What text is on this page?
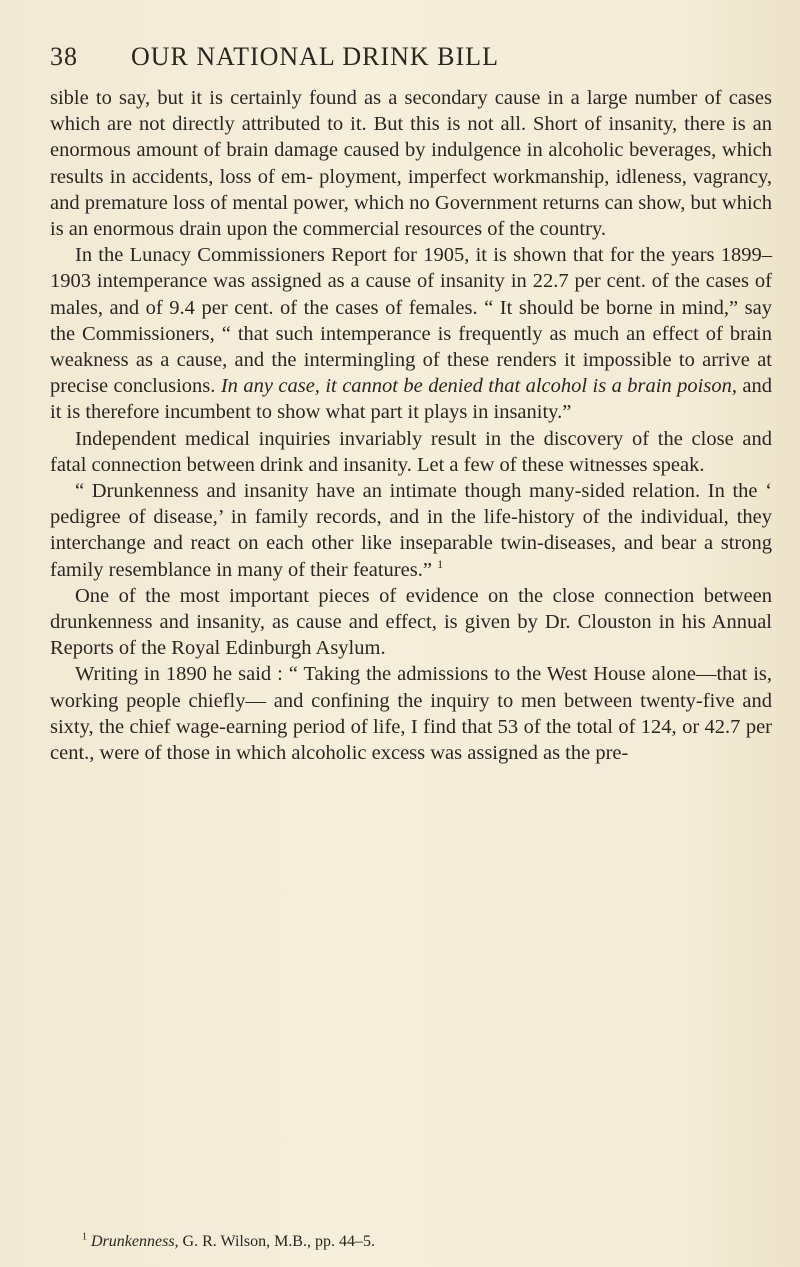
38 OUR NATIONAL DRINK BILL

sible to say, but it is certainly found as a secondary cause in a large number of cases which are not directly attributed to it. But this is not all. Short of insanity, there is an enormous amount of brain damage caused by indulgence in alcoholic beverages, which results in accidents, loss of em- ployment, imperfect workmanship, idleness, vagrancy, and premature loss of mental power, which no Government returns can show, but which is an enormous drain upon the commercial resources of the country.

In the Lunacy Commissioners Report for 1905, it is shown that for the years 1899–1903 intemperance was assigned as a cause of insanity in 22.7 per cent. of the cases of males, and of 9.4 per cent. of the cases of females. “ It should be borne in mind,” say the Commissioners, “ that such intemperance is frequently as much an effect of brain weakness as a cause, and the intermingling of these renders it impossible to arrive at precise conclusions. In any case, it cannot be denied that alcohol is a brain poison, and it is therefore incumbent to show what part it plays in insanity.”

Independent medical inquiries invariably result in the discovery of the close and fatal connection between drink and insanity. Let a few of these witnesses speak.

“ Drunkenness and insanity have an intimate though many-sided relation. In the ‘ pedigree of disease,’ in family records, and in the life-history of the individual, they interchange and react on each other like inseparable twin-diseases, and bear a strong family resemblance in many of their features.” $^1$

One of the most important pieces of evidence on the close connection between drunkenness and insanity, as cause and effect, is given by Dr. Clouston in his Annual Reports of the Royal Edinburgh Asylum.

Writing in 1890 he said : “ Taking the admissions to the West House alone—that is, working people chiefly— and confining the inquiry to men between twenty-five and sixty, the chief wage-earning period of life, I find that 53 of the total of 124, or 42.7 per cent., were of those in which alcoholic excess was assigned as the pre-

$^1$ Drunkenness, G. R. Wilson, M.B., pp. 44–5.
